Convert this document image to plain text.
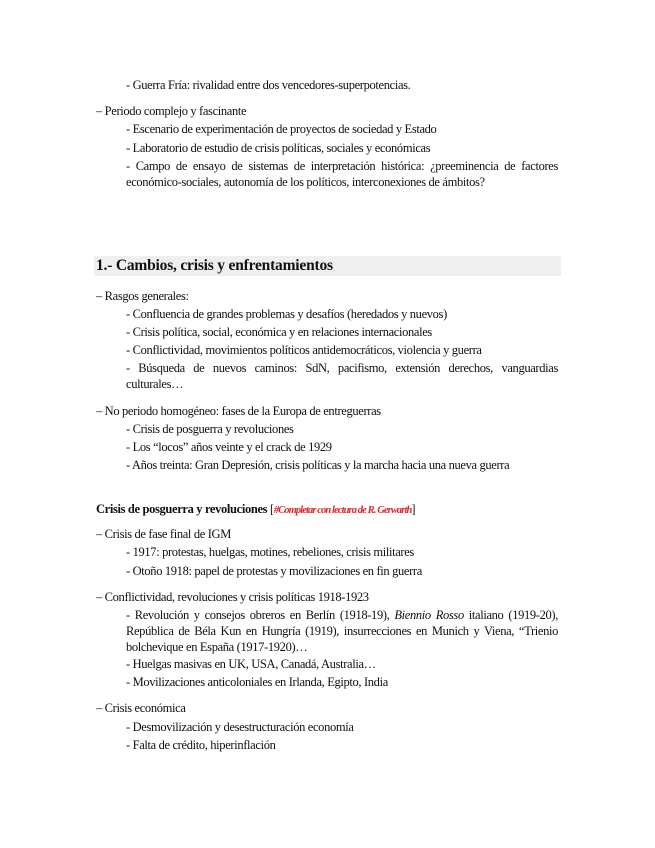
- Guerra Fría: rivalidad entre dos vencedores-superpotencias.
– Periodo complejo y fascinante
- Escenario de experimentación de proyectos de sociedad y Estado
- Laboratorio de estudio de crisis políticas, sociales y económicas
- Campo de ensayo de sistemas de interpretación histórica: ¿preeminencia de factores económico-sociales, autonomía de los políticos, interconexiones de ámbitos?
1.- Cambios, crisis y enfrentamientos
– Rasgos generales:
- Confluencia de grandes problemas y desafíos (heredados y nuevos)
- Crisis política, social, económica y en relaciones internacionales
- Conflictividad, movimientos políticos antidemocráticos, violencia y guerra
- Búsqueda de nuevos caminos: SdN, pacifismo, extensión derechos, vanguardias culturales…
– No periodo homogéneo: fases de la Europa de entreguerras
- Crisis de posguerra y revoluciones
- Los “locos” años veinte y el crack de 1929
- Años treinta: Gran Depresión, crisis políticas y la marcha hacia una nueva guerra
Crisis de posguerra y revoluciones [#Completar con lectura de R. Gerwarth]
– Crisis de fase final de IGM
- 1917: protestas, huelgas, motines, rebeliones, crisis militares
- Otoño 1918: papel de protestas y movilizaciones en fin guerra
– Conflictividad, revoluciones y crisis políticas 1918-1923
- Revolución y consejos obreros en Berlín (1918-19), Biennio Rosso italiano (1919-20), República de Béla Kun en Hungría (1919), insurrecciones en Munich y Viena, “Trienio bolchevique en España (1917-1920)…
- Huelgas masivas en UK, USA, Canadá, Australia…
- Movilizaciones anticoloniales en Irlanda, Egipto, India
– Crisis económica
- Desmovilización y desestructuración economía
- Falta de crédito, hiperinflación
